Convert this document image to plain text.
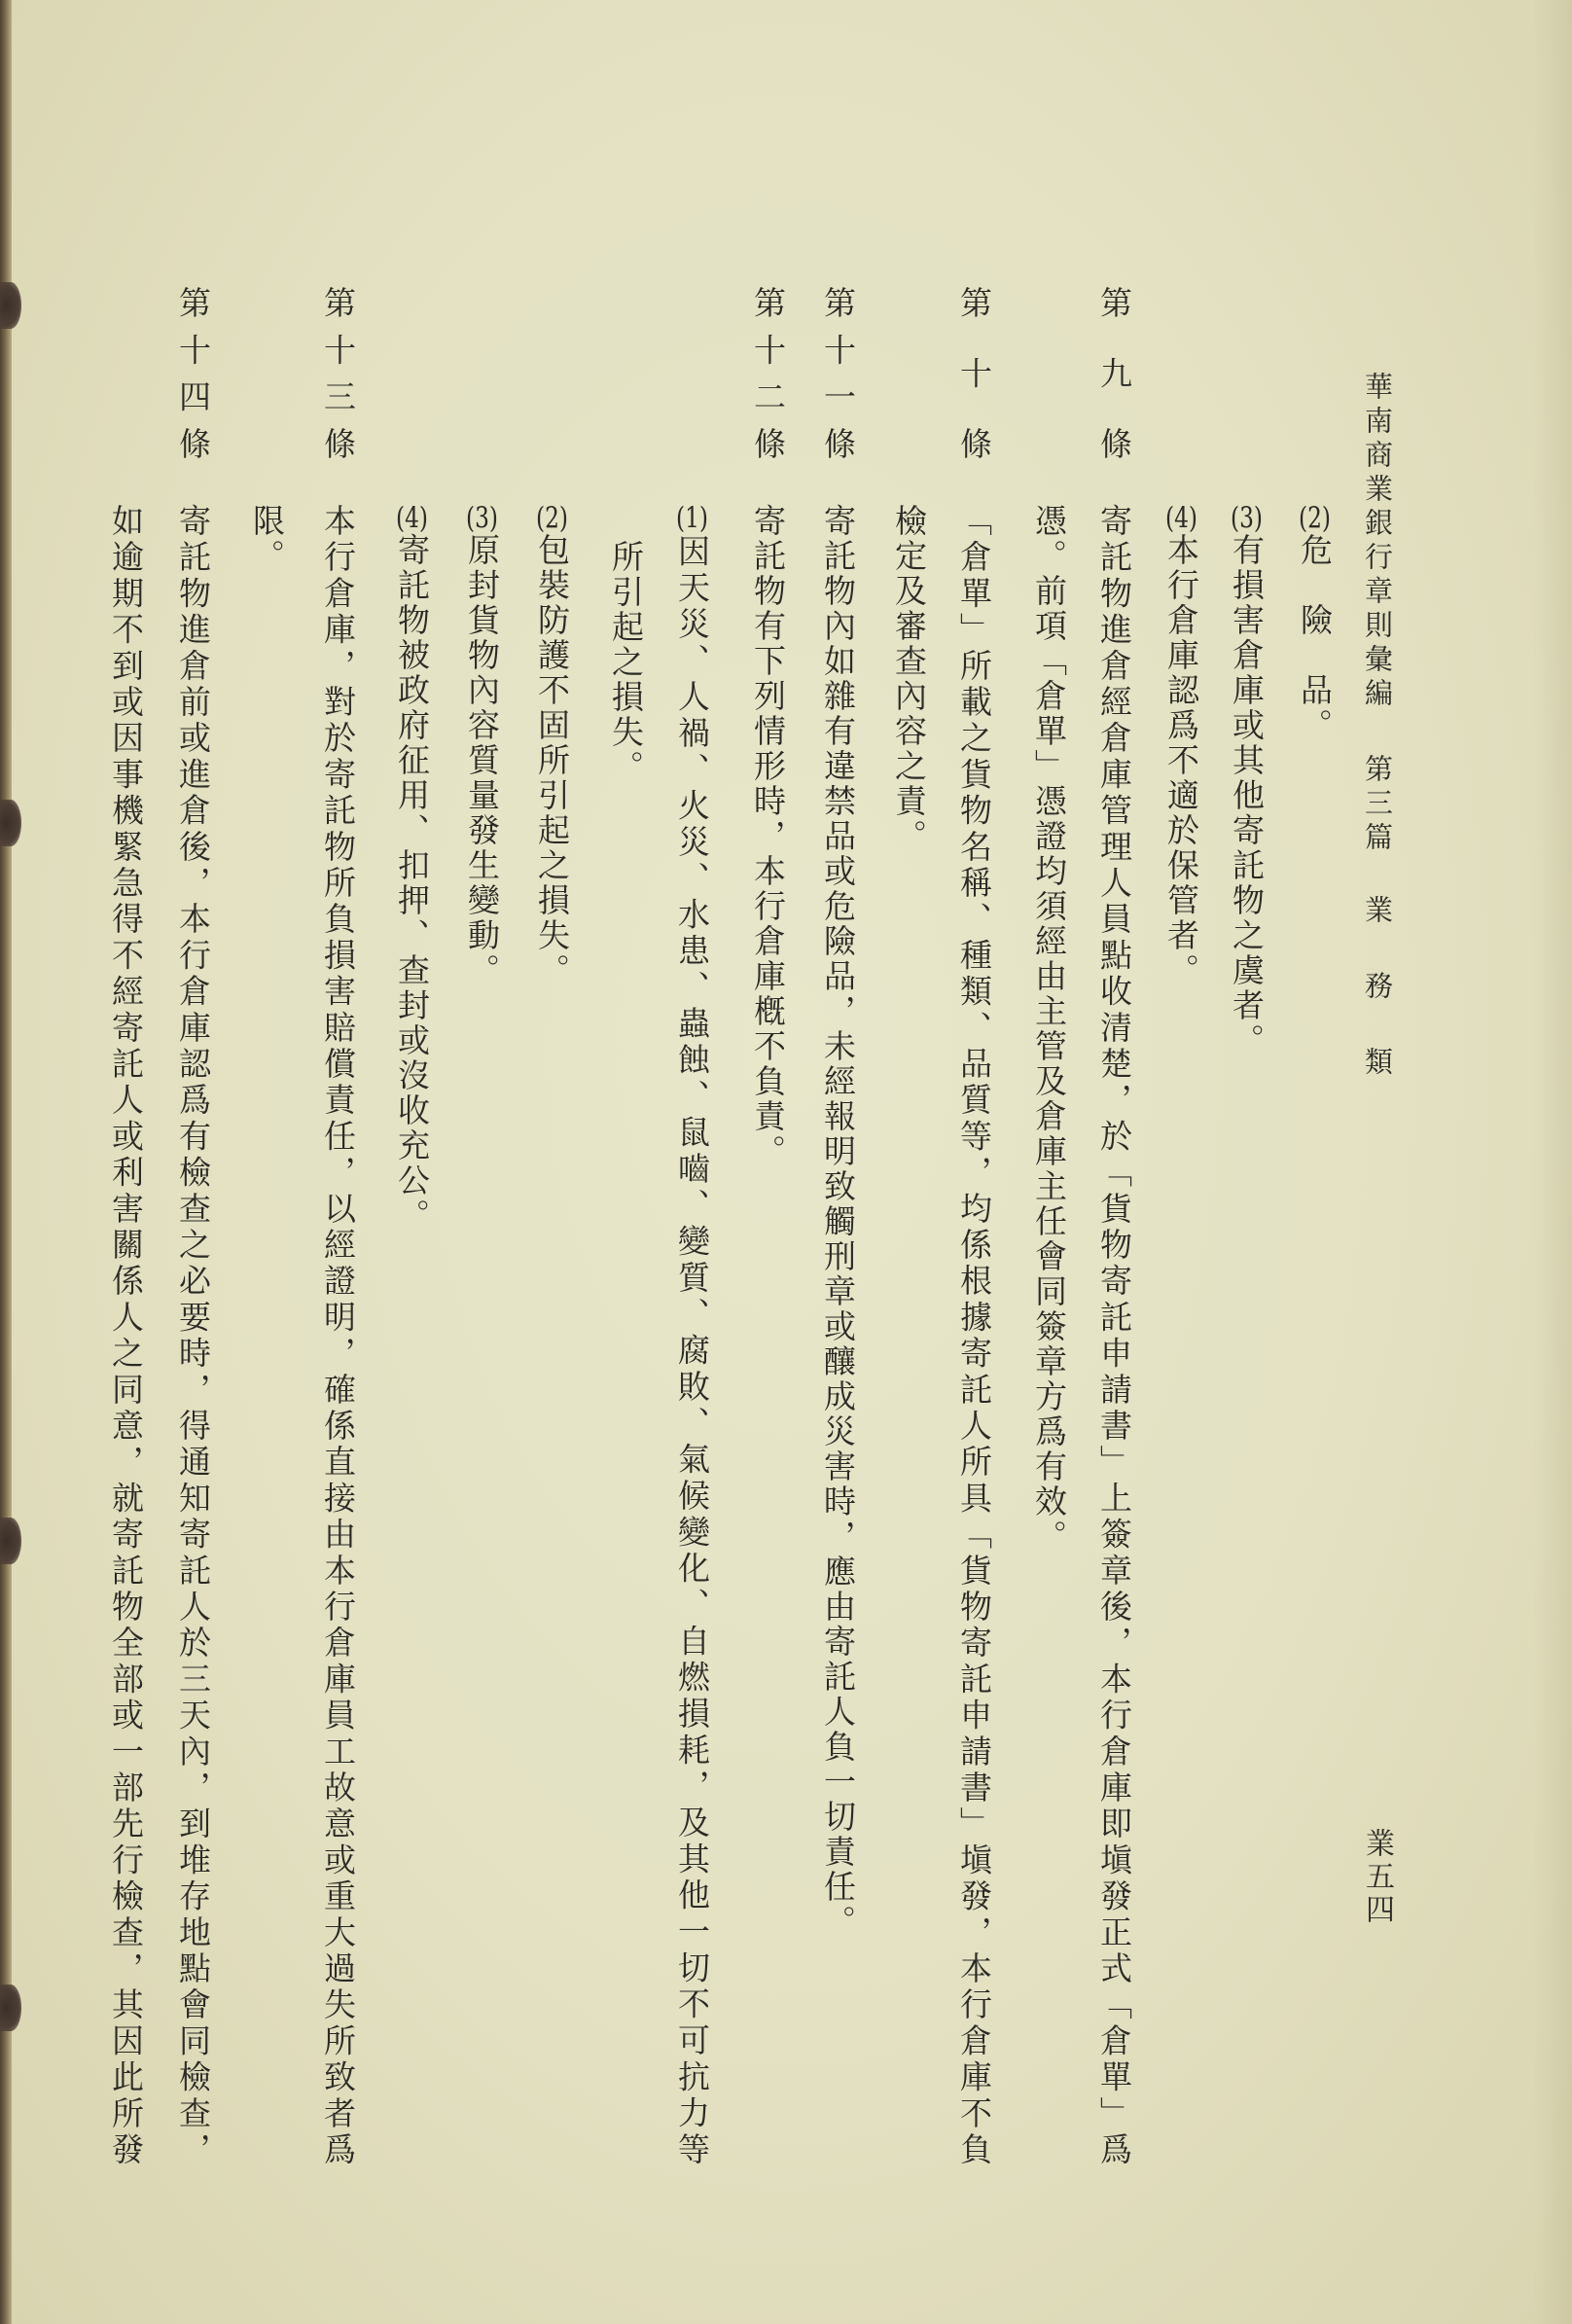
華南商業銀行章則彙編
第三篇
業務類
業五四
(2)危　險　品。
(3)有損害倉庫或其他寄託物之虞者。
(4)本行倉庫認爲不適於保管者。
第九條
寄託物進倉經倉庫管理人員點收清楚，於「貨物寄託申請書」上簽章後，本行倉庫即塡發正式「倉單」爲
憑。前項「倉單」憑證均須經由主管及倉庫主任會同簽章方爲有效。
第十條
「倉單」所載之貨物名稱、種類、品質等，均係根據寄託人所具「貨物寄託申請書」塡發，本行倉庫不負
檢定及審查內容之責。
第十一條
寄託物內如雜有違禁品或危險品，未經報明致觸刑章或釀成災害時，應由寄託人負一切責任。
第十二條
寄託物有下列情形時，本行倉庫槪不負責。
(1)因天災、人禍、火災、水患、蟲蝕、鼠嚙、變質、腐敗、氣候變化、自燃損耗，及其他一切不可抗力等
所引起之損失。
(2)包裝防護不固所引起之損失。
(3)原封貨物內容質量發生變動。
(4)寄託物被政府征用、扣押、查封或沒收充公。
第十三條
本行倉庫，對於寄託物所負損害賠償責任，以經證明，確係直接由本行倉庫員工故意或重大過失所致者爲
限。
第十四條
寄託物進倉前或進倉後，本行倉庫認爲有檢查之必要時，得通知寄託人於三天內，到堆存地點會同檢查，
如逾期不到或因事機緊急得不經寄託人或利害關係人之同意，就寄託物全部或一部先行檢查，其因此所發
